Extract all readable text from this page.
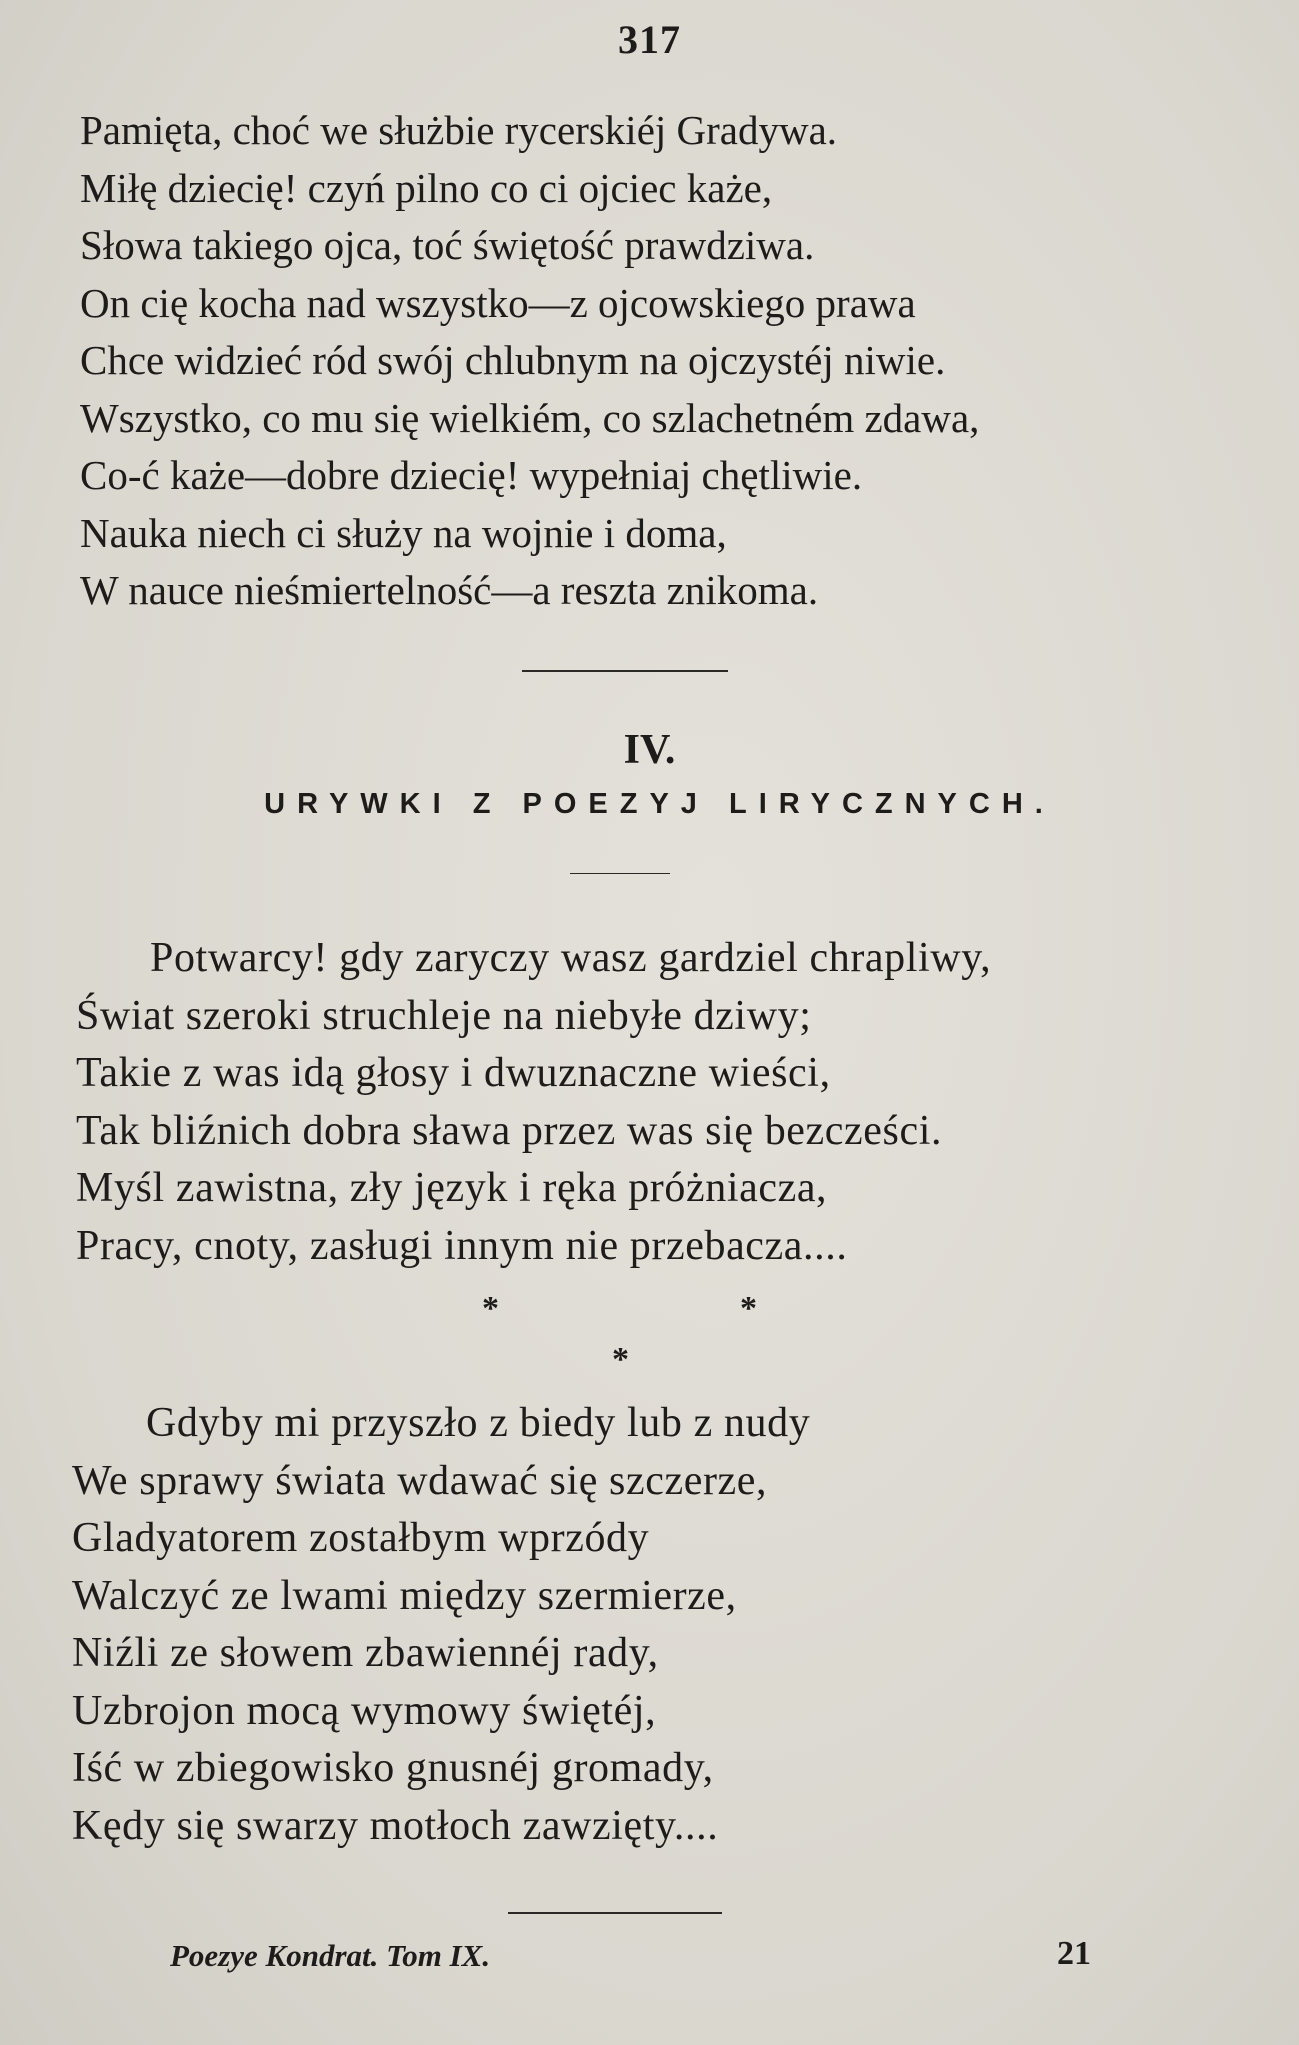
317
Pamięta, choć we służbie rycerskiéj Gradywa.
Miłę dziecię! czyń pilno co ci ojciec każe,
Słowa takiego ojca, toć świętość prawdziwa.
On cię kocha nad wszystko—z ojcowskiego prawa
Chce widzieć ród swój chlubnym na ojczystéj niwie.
Wszystko, co mu się wielkiém, co szlachetném zdawa,
Co-ć każe—dobre dziecię! wypełniaj chętliwie.
Nauka niech ci służy na wojnie i doma,
W nauce nieśmiertelność—a reszta znikoma.
IV.
URYWKI Z POEZYJ LIRYCZNYCH.
Potwarcy! gdy zaryczy wasz gardziel chrapliwy,
Świat szeroki struchleje na niebyłe dziwy;
Takie z was idą głosy i dwuznaczne wieści,
Tak bliźnich dobra sława przez was się bezcześci.
Myśl zawistna, zły język i ręka próżniacza,
Pracy, cnoty, zasługi innym nie przebacza....
*	*
*
Gdyby mi przyszło z biedy lub z nudy
We sprawy świata wdawać się szczerze,
Gladyatorem zostałbym wprzódy
Walczyć ze lwami między szermierze,
Niźli ze słowem zbawiennéj rady,
Uzbrojon mocą wymowy świętéj,
Iść w zbiegowisko gnusnéj gromady,
Kędy się swarzy motłoch zawzięty....
Poezye Kondrat. Tom IX.	21
